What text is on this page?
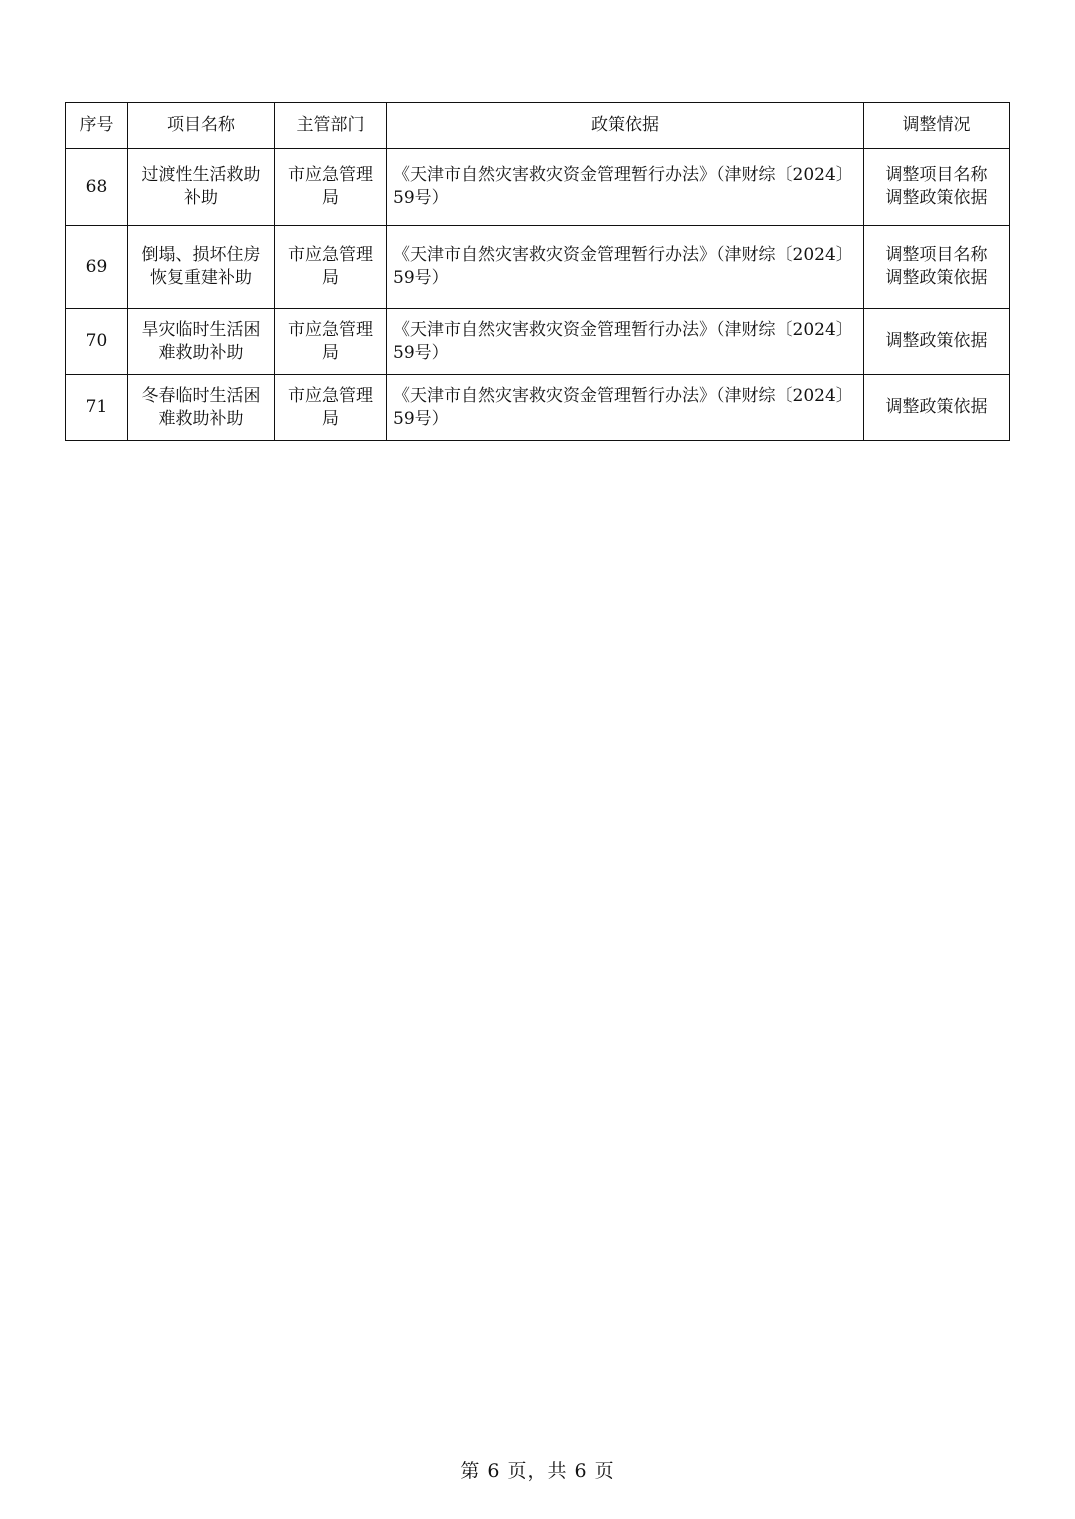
序号	项目名称	主管部门	政策依据	调整情况
68	过渡性生活救助补助	市应急管理局	《天津市自然灾害救灾资金管理暂行办法》（津财综〔2024〕59号）	调整项目名称
调整政策依据
69	倒塌、损坏住房恢复重建补助	市应急管理局	《天津市自然灾害救灾资金管理暂行办法》（津财综〔2024〕59号）	调整项目名称
调整政策依据
70	旱灾临时生活困难救助补助	市应急管理局	《天津市自然灾害救灾资金管理暂行办法》（津财综〔2024〕59号）	调整政策依据
71	冬春临时生活困难救助补助	市应急管理局	《天津市自然灾害救灾资金管理暂行办法》（津财综〔2024〕59号）	调整政策依据
第 6 页，共 6 页
